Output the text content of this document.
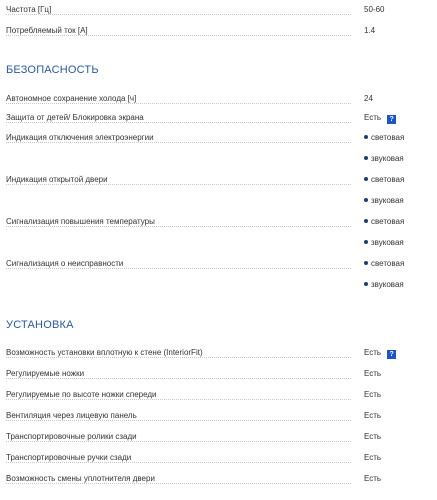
Частота [Гц]	50-60
Потребляемый ток [A]	1.4
БЕЗОПАСНОСТЬ
Автономное сохранение холода [ч]	24
Защита от детей/ Блокировка экрана	Есть ?
Индикация отключения электроэнергии	световая
звуковая
Индикация открытой двери	световая
звуковая
Сигнализация повышения температуры	световая
звуковая
Сигнализация о неисправности	световая
звуковая
УСТАНОВКА
Возможность установки вплотную к стене (InteriorFit)	Есть ?
Регулируемые ножки	Есть
Регулируемые по высоте ножки спереди	Есть
Вентиляция через лицевую панель	Есть
Транспортировочные ролики сзади	Есть
Транспортировочные ручки сзади	Есть
Возможность смены уплотнителя двери	Есть
